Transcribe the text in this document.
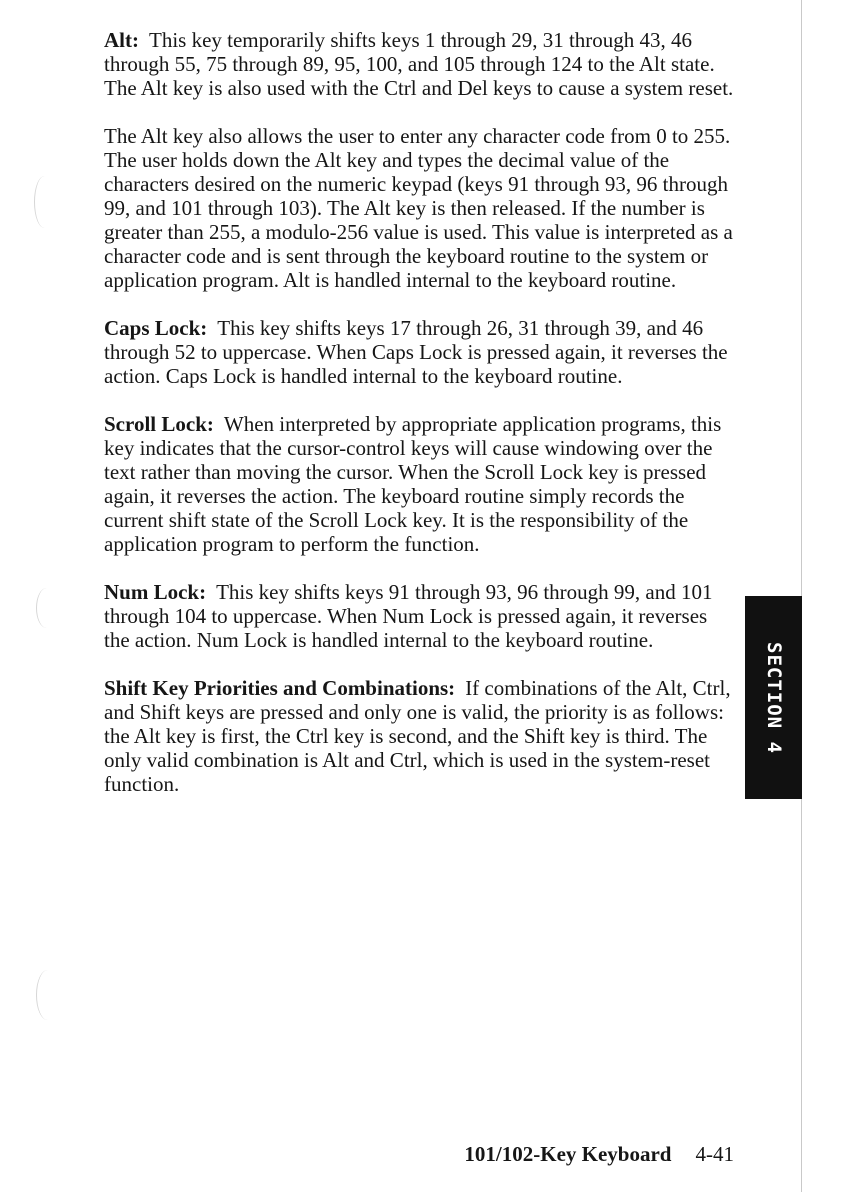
Alt: This key temporarily shifts keys 1 through 29, 31 through 43, 46 through 55, 75 through 89, 95, 100, and 105 through 124 to the Alt state. The Alt key is also used with the Ctrl and Del keys to cause a system reset.

The Alt key also allows the user to enter any character code from 0 to 255. The user holds down the Alt key and types the decimal value of the characters desired on the numeric keypad (keys 91 through 93, 96 through 99, and 101 through 103). The Alt key is then released. If the number is greater than 255, a modulo-256 value is used. This value is interpreted as a character code and is sent through the keyboard routine to the system or application program. Alt is handled internal to the keyboard routine.

Caps Lock: This key shifts keys 17 through 26, 31 through 39, and 46 through 52 to uppercase. When Caps Lock is pressed again, it reverses the action. Caps Lock is handled internal to the keyboard routine.

Scroll Lock: When interpreted by appropriate application programs, this key indicates that the cursor-control keys will cause windowing over the text rather than moving the cursor. When the Scroll Lock key is pressed again, it reverses the action. The keyboard routine simply records the current shift state of the Scroll Lock key. It is the responsibility of the application program to perform the function.

Num Lock: This key shifts keys 91 through 93, 96 through 99, and 101 through 104 to uppercase. When Num Lock is pressed again, it reverses the action. Num Lock is handled internal to the keyboard routine.

Shift Key Priorities and Combinations: If combinations of the Alt, Ctrl, and Shift keys are pressed and only one is valid, the priority is as follows: the Alt key is first, the Ctrl key is second, and the Shift key is third. The only valid combination is Alt and Ctrl, which is used in the system-reset function.

SECTION 4
101/102-Key Keyboard 4-41
